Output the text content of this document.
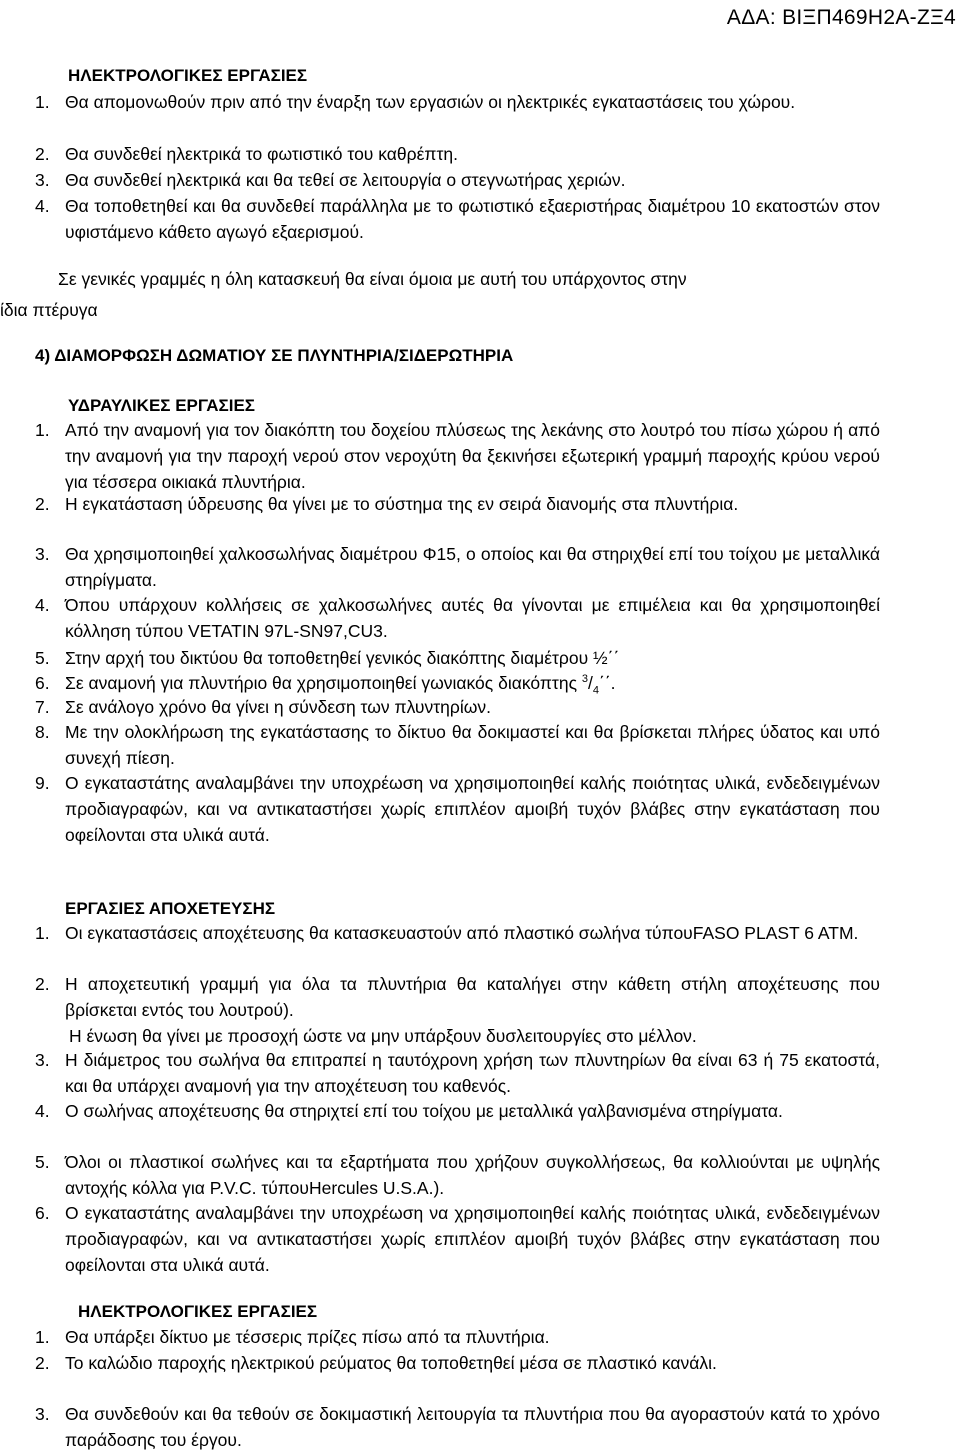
ΑΔΑ: ΒΙΞΠ469Η2Α-ΖΞ4
ΗΛΕΚΤΡΟΛΟΓΙΚΕΣ ΕΡΓΑΣΙΕΣ
1. Θα απομονωθούν πριν από την έναρξη των εργασιών οι ηλεκτρικές εγκαταστάσεις του χώρου.
2. Θα συνδεθεί ηλεκτρικά το φωτιστικό του καθρέπτη.
3. Θα συνδεθεί ηλεκτρικά και θα τεθεί σε λειτουργία ο στεγνωτήρας χεριών.
4. Θα τοποθετηθεί και θα συνδεθεί παράλληλα με το φωτιστικό εξαεριστήρας διαμέτρου 10 εκατοστών στον υφιστάμενο κάθετο αγωγό εξαερισμού.
Σε γενικές γραμμές η όλη κατασκευή θα είναι όμοια με αυτή του υπάρχοντος στην
ίδια πτέρυγα
4) ΔΙΑΜΟΡΦΩΣΗ ΔΩΜΑΤΙΟΥ ΣΕ ΠΛΥΝΤΗΡΙΑ/ΣΙΔΕΡΩΤΗΡΙΑ
ΥΔΡΑΥΛΙΚΕΣ ΕΡΓΑΣΙΕΣ
1. Από την αναμονή για τον διακόπτη του δοχείου πλύσεως της λεκάνης στο λουτρό του πίσω χώρου ή από την αναμονή για την παροχή νερού στον νεροχύτη θα ξεκινήσει εξωτερική γραμμή παροχής κρύου νερού για τέσσερα οικιακά πλυντήρια.
2. Η εγκατάσταση ύδρευσης θα γίνει με το σύστημα της εν σειρά διανομής στα πλυντήρια.
3. Θα χρησιμοποιηθεί χαλκοσωλήνας διαμέτρου Φ15, ο οποίος και θα στηριχθεί επί του τοίχου με μεταλλικά στηρίγματα.
4. Όπου υπάρχουν κολλήσεις σε χαλκοσωλήνες αυτές θα γίνονται με επιμέλεια και θα χρησιμοποιηθεί κόλληση τύπου VETATIN 97L-SN97,CU3.
5. Στην αρχή του δικτύου θα τοποθετηθεί γενικός διακόπτης διαμέτρου ½΄΄
6. Σε αναμονή για πλυντήριο θα χρησιμοποιηθεί γωνιακός διακόπτης $^3/_4΄΄$.
7. Σε ανάλογο χρόνο θα γίνει η σύνδεση των πλυντηρίων.
8. Με την ολοκλήρωση της εγκατάστασης το δίκτυο θα δοκιμαστεί και θα βρίσκεται πλήρες ύδατος και υπό συνεχή πίεση.
9. Ο εγκαταστάτης αναλαμβάνει την υποχρέωση να χρησιμοποιηθεί καλής ποιότητας υλικά, ενδεδειγμένων προδιαγραφών, και να αντικαταστήσει χωρίς επιπλέον αμοιβή τυχόν βλάβες στην εγκατάσταση που οφείλονται στα υλικά αυτά.
ΕΡΓΑΣΙΕΣ ΑΠΟΧΕΤΕΥΣΗΣ
1. Οι εγκαταστάσεις αποχέτευσης θα κατασκευαστούν από πλαστικό σωλήνα τύπουFASO PLAST 6 ATM.
2. Η αποχετευτική γραμμή για όλα τα πλυντήρια θα καταλήγει στην κάθετη στήλη αποχέτευσης που βρίσκεται εντός του λουτρού).
Η ένωση θα γίνει με προσοχή ώστε να μην υπάρξουν δυσλειτουργίες στο μέλλον.
3. Η διάμετρος του σωλήνα θα επιτραπεί η ταυτόχρονη χρήση των πλυντηρίων θα είναι 63 ή 75 εκατοστά, και θα υπάρχει αναμονή για την αποχέτευση του καθενός.
4. Ο σωλήνας αποχέτευσης θα στηριχτεί επί του τοίχου με μεταλλικά γαλβανισμένα στηρίγματα.
5. Όλοι οι πλαστικοί σωλήνες και τα εξαρτήματα που χρήζουν συγκολλήσεως, θα κολλιούνται με υψηλής αντοχής κόλλα για P.V.C. τύπουHercules U.S.A.).
6. Ο εγκαταστάτης αναλαμβάνει την υποχρέωση να χρησιμοποιηθεί καλής ποιότητας υλικά, ενδεδειγμένων προδιαγραφών, και να αντικαταστήσει χωρίς επιπλέον αμοιβή τυχόν βλάβες στην εγκατάσταση που οφείλονται στα υλικά αυτά.
ΗΛΕΚΤΡΟΛΟΓΙΚΕΣ ΕΡΓΑΣΙΕΣ
1. Θα υπάρξει δίκτυο με τέσσερις πρίζες πίσω από τα πλυντήρια.
2. Το καλώδιο παροχής ηλεκτρικού ρεύματος θα τοποθετηθεί μέσα σε πλαστικό κανάλι.
3. Θα συνδεθούν και θα τεθούν σε δοκιμαστική λειτουργία τα πλυντήρια που θα αγοραστούν κατά το χρόνο παράδοσης του έργου.
